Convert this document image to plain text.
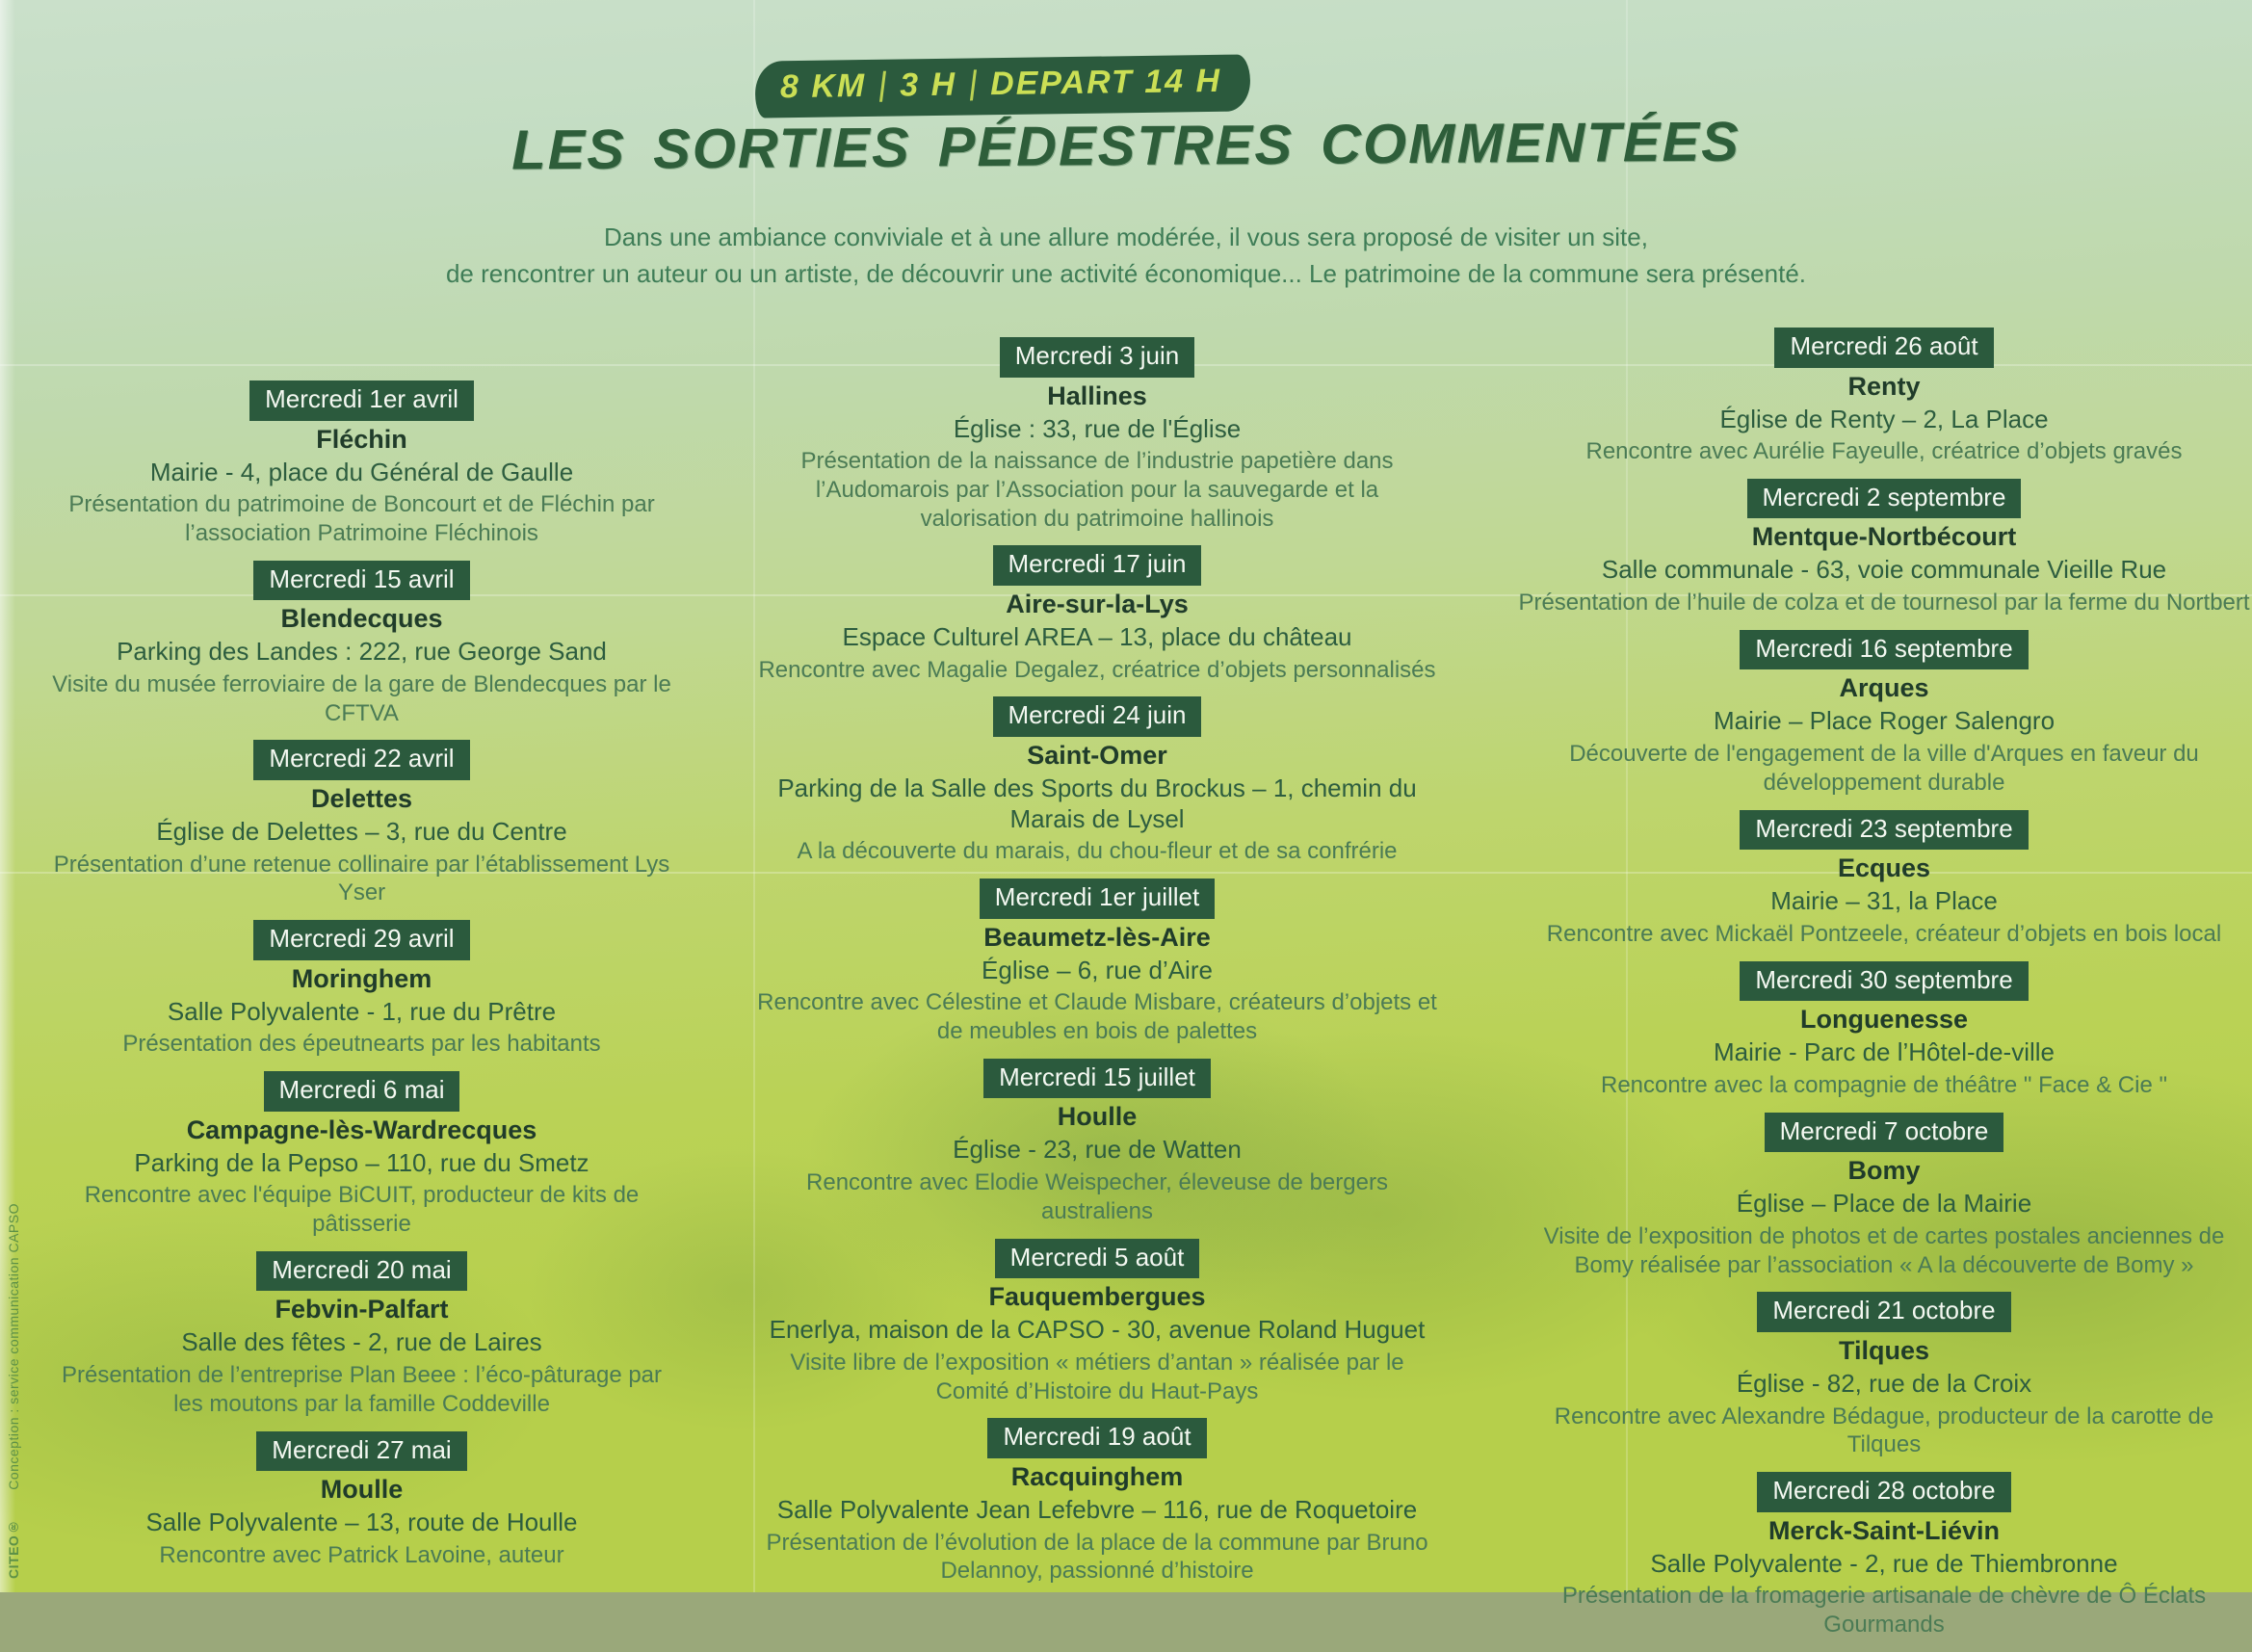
8 KM 3 H DEPART 14 H
LES SORTIES PÉDESTRES COMMENTÉES

Dans une ambiance conviviale et à une allure modérée, il vous sera proposé de visiter un site,
de rencontrer un auteur ou un artiste, de découvrir une activité économique... Le patrimoine de la commune sera présenté.

Mercredi 1er avril
Fléchin
Mairie - 4, place du Général de Gaulle

Présentation du patrimoine de Boncourt et de Fléchin par l’association Patrimoine Fléchinois

Mercredi 15 avril
Blendecques
Parking des Landes : 222, rue George Sand

Visite du musée ferroviaire de la gare de Blendecques par le CFTVA

Mercredi 22 avril
Delettes
Église de Delettes – 3, rue du Centre

Présentation d’une retenue collinaire par l’établissement Lys Yser

Mercredi 29 avril
Moringhem
Salle Polyvalente - 1, rue du Prêtre

Présentation des épeutnearts par les habitants

Mercredi 6 mai
Campagne-lès-Wardrecques
Parking de la Pepso – 110, rue du Smetz

Rencontre avec l'équipe BiCUIT, producteur de kits de pâtisserie

Mercredi 20 mai
Febvin-Palfart
Salle des fêtes - 2, rue de Laires

Présentation de l’entreprise Plan Beee : l’éco-pâturage par les moutons par la famille Coddeville

Mercredi 27 mai
Moulle
Salle Polyvalente – 13, route de Houlle

Rencontre avec Patrick Lavoine, auteur

Mercredi 3 juin
Hallines
Église : 33, rue de l'Église

Présentation de la naissance de l’industrie papetière dans l’Audomarois par l’Association pour la sauvegarde et la valorisation du patrimoine hallinois

Mercredi 17 juin
Aire-sur-la-Lys
Espace Culturel AREA – 13, place du château

Rencontre avec Magalie Degalez, créatrice d’objets personnalisés

Mercredi 24 juin
Saint-Omer
Parking de la Salle des Sports du Brockus – 1, chemin du Marais de Lysel

A la découverte du marais, du chou-fleur et de sa confrérie

Mercredi 1er juillet
Beaumetz-lès-Aire
Église – 6, rue d’Aire

Rencontre avec Célestine et Claude Misbare, créateurs d’objets et de meubles en bois de palettes

Mercredi 15 juillet
Houlle
Église - 23, rue de Watten

Rencontre avec Elodie Weispecher, éleveuse de bergers australiens

Mercredi 5 août
Fauquembergues
Enerlya, maison de la CAPSO - 30, avenue Roland Huguet

Visite libre de l’exposition « métiers d’antan » réalisée par le Comité d’Histoire du Haut-Pays

Mercredi 19 août
Racquinghem
Salle Polyvalente Jean Lefebvre – 116, rue de Roquetoire

Présentation de l’évolution de la place de la commune par Bruno Delannoy, passionné d’histoire

Mercredi 26 août
Renty
Église de Renty – 2, La Place

Rencontre avec Aurélie Fayeulle, créatrice d’objets gravés

Mercredi 2 septembre
Mentque-Nortbécourt
Salle communale - 63, voie communale Vieille Rue

Présentation de l’huile de colza et de tournesol par la ferme du Nortbert

Mercredi 16 septembre
Arques
Mairie – Place Roger Salengro

Découverte de l'engagement de la ville d'Arques en faveur du développement durable

Mercredi 23 septembre
Ecques
Mairie – 31, la Place

Rencontre avec Mickaël Pontzeele, créateur d’objets en bois local

Mercredi 30 septembre
Longuenesse
Mairie - Parc de l’Hôtel-de-ville

Rencontre avec la compagnie de théâtre " Face & Cie "

Mercredi 7 octobre
Bomy
Église – Place de la Mairie

Visite de l’exposition de photos et de cartes postales anciennes de Bomy réalisée par l’association « A la découverte de Bomy »

Mercredi 21 octobre
Tilques
Église - 82, rue de la Croix

Rencontre avec Alexandre Bédague, producteur de la carotte de Tilques

Mercredi 28 octobre
Merck-Saint-Liévin
Salle Polyvalente - 2, rue de Thiembronne

Présentation de la fromagerie artisanale de chèvre de Ô Éclats Gourmands

CITEO® Conception : service communication CAPSO
